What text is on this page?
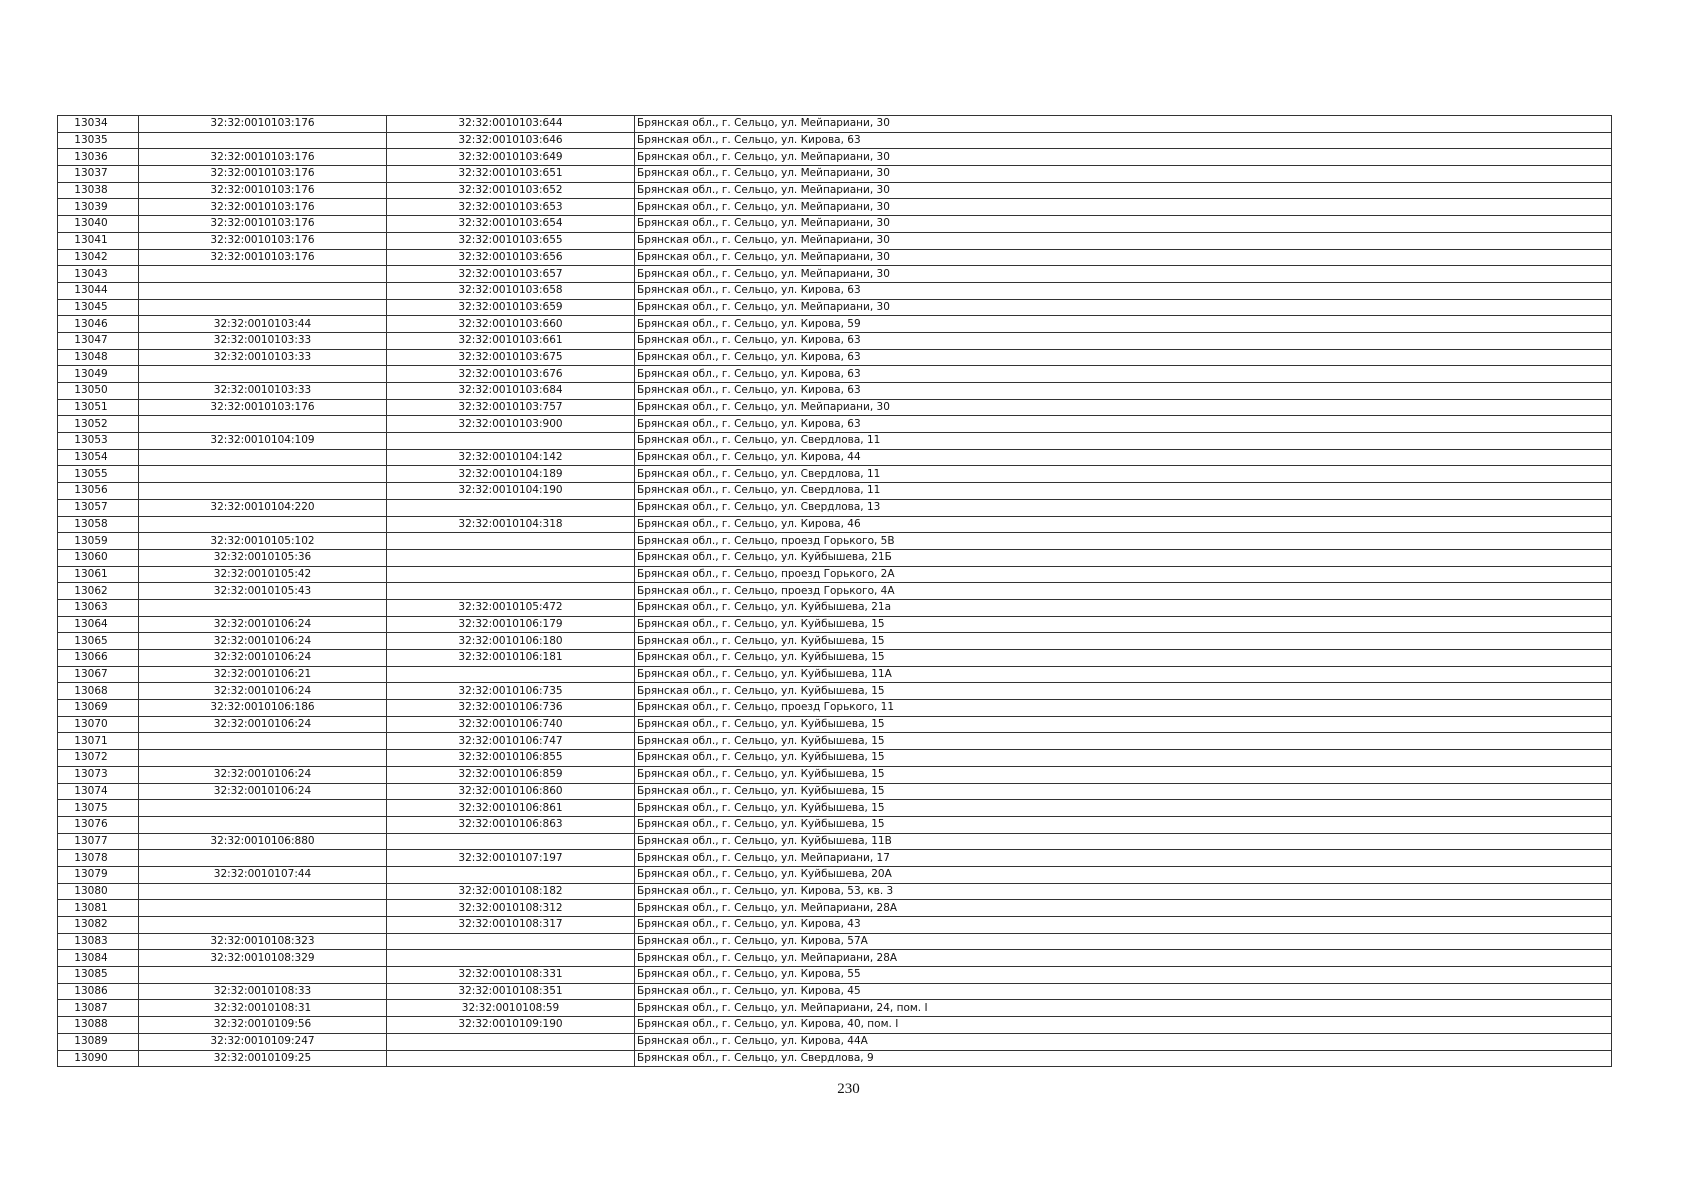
13034	32:32:0010103:176	32:32:0010103:644	Брянская обл., г. Сельцо, ул. Мейпариани, 30
13035		32:32:0010103:646	Брянская обл., г. Сельцо, ул. Кирова, 63
13036	32:32:0010103:176	32:32:0010103:649	Брянская обл., г. Сельцо, ул. Мейпариани, 30
13037	32:32:0010103:176	32:32:0010103:651	Брянская обл., г. Сельцо, ул. Мейпариани, 30
13038	32:32:0010103:176	32:32:0010103:652	Брянская обл., г. Сельцо, ул. Мейпариани, 30
13039	32:32:0010103:176	32:32:0010103:653	Брянская обл., г. Сельцо, ул. Мейпариани, 30
13040	32:32:0010103:176	32:32:0010103:654	Брянская обл., г. Сельцо, ул. Мейпариани, 30
13041	32:32:0010103:176	32:32:0010103:655	Брянская обл., г. Сельцо, ул. Мейпариани, 30
13042	32:32:0010103:176	32:32:0010103:656	Брянская обл., г. Сельцо, ул. Мейпариани, 30
13043		32:32:0010103:657	Брянская обл., г. Сельцо, ул. Мейпариани, 30
13044		32:32:0010103:658	Брянская обл., г. Сельцо, ул. Кирова, 63
13045		32:32:0010103:659	Брянская обл., г. Сельцо, ул. Мейпариани, 30
13046	32:32:0010103:44	32:32:0010103:660	Брянская обл., г. Сельцо, ул. Кирова, 59
13047	32:32:0010103:33	32:32:0010103:661	Брянская обл., г. Сельцо, ул. Кирова, 63
13048	32:32:0010103:33	32:32:0010103:675	Брянская обл., г. Сельцо, ул. Кирова, 63
13049		32:32:0010103:676	Брянская обл., г. Сельцо, ул. Кирова, 63
13050	32:32:0010103:33	32:32:0010103:684	Брянская обл., г. Сельцо, ул. Кирова, 63
13051	32:32:0010103:176	32:32:0010103:757	Брянская обл., г. Сельцо, ул. Мейпариани, 30
13052		32:32:0010103:900	Брянская обл., г. Сельцо, ул. Кирова, 63
13053	32:32:0010104:109		Брянская обл., г. Сельцо, ул. Свердлова, 11
13054		32:32:0010104:142	Брянская обл., г. Сельцо, ул. Кирова, 44
13055		32:32:0010104:189	Брянская обл., г. Сельцо, ул. Свердлова, 11
13056		32:32:0010104:190	Брянская обл., г. Сельцо, ул. Свердлова, 11
13057	32:32:0010104:220		Брянская обл., г. Сельцо, ул. Свердлова, 13
13058		32:32:0010104:318	Брянская обл., г. Сельцо, ул. Кирова, 46
13059	32:32:0010105:102		Брянская обл., г. Сельцо, проезд Горького, 5В
13060	32:32:0010105:36		Брянская обл., г. Сельцо, ул. Куйбышева, 21Б
13061	32:32:0010105:42		Брянская обл., г. Сельцо, проезд Горького, 2А
13062	32:32:0010105:43		Брянская обл., г. Сельцо, проезд Горького, 4А
13063		32:32:0010105:472	Брянская обл., г. Сельцо, ул. Куйбышева, 21а
13064	32:32:0010106:24	32:32:0010106:179	Брянская обл., г. Сельцо, ул. Куйбышева, 15
13065	32:32:0010106:24	32:32:0010106:180	Брянская обл., г. Сельцо, ул. Куйбышева, 15
13066	32:32:0010106:24	32:32:0010106:181	Брянская обл., г. Сельцо, ул. Куйбышева, 15
13067	32:32:0010106:21		Брянская обл., г. Сельцо, ул. Куйбышева, 11А
13068	32:32:0010106:24	32:32:0010106:735	Брянская обл., г. Сельцо, ул. Куйбышева, 15
13069	32:32:0010106:186	32:32:0010106:736	Брянская обл., г. Сельцо, проезд Горького, 11
13070	32:32:0010106:24	32:32:0010106:740	Брянская обл., г. Сельцо, ул. Куйбышева, 15
13071		32:32:0010106:747	Брянская обл., г. Сельцо, ул. Куйбышева, 15
13072		32:32:0010106:855	Брянская обл., г. Сельцо, ул. Куйбышева, 15
13073	32:32:0010106:24	32:32:0010106:859	Брянская обл., г. Сельцо, ул. Куйбышева, 15
13074	32:32:0010106:24	32:32:0010106:860	Брянская обл., г. Сельцо, ул. Куйбышева, 15
13075		32:32:0010106:861	Брянская обл., г. Сельцо, ул. Куйбышева, 15
13076		32:32:0010106:863	Брянская обл., г. Сельцо, ул. Куйбышева, 15
13077	32:32:0010106:880		Брянская обл., г. Сельцо, ул. Куйбышева, 11В
13078		32:32:0010107:197	Брянская обл., г. Сельцо, ул. Мейпариани, 17
13079	32:32:0010107:44		Брянская обл., г. Сельцо, ул. Куйбышева, 20А
13080		32:32:0010108:182	Брянская обл., г. Сельцо, ул. Кирова, 53, кв. 3
13081		32:32:0010108:312	Брянская обл., г. Сельцо, ул. Мейпариани, 28А
13082		32:32:0010108:317	Брянская обл., г. Сельцо, ул. Кирова, 43
13083	32:32:0010108:323		Брянская обл., г. Сельцо, ул. Кирова, 57А
13084	32:32:0010108:329		Брянская обл., г. Сельцо, ул. Мейпариани, 28А
13085		32:32:0010108:331	Брянская обл., г. Сельцо, ул. Кирова, 55
13086	32:32:0010108:33	32:32:0010108:351	Брянская обл., г. Сельцо, ул. Кирова, 45
13087	32:32:0010108:31	32:32:0010108:59	Брянская обл., г. Сельцо, ул. Мейпариани, 24, пом. I
13088	32:32:0010109:56	32:32:0010109:190	Брянская обл., г. Сельцо, ул. Кирова, 40, пом. I
13089	32:32:0010109:247		Брянская обл., г. Сельцо, ул. Кирова, 44А
13090	32:32:0010109:25		Брянская обл., г. Сельцо, ул. Свердлова, 9
230
